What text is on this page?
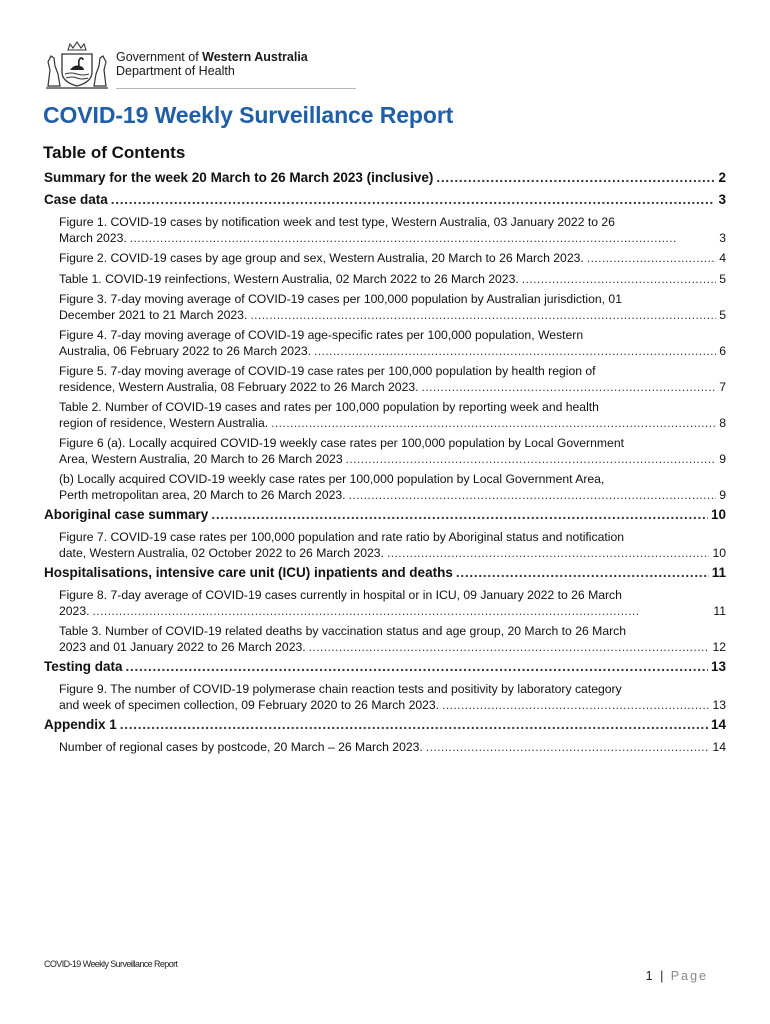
Government of Western Australia
Department of Health
COVID-19 Weekly Surveillance Report
Table of Contents
Summary for the week 20 March to 26 March 2023 (inclusive) . . .	2
Case data . . .	3
Figure 1. COVID-19 cases by notification week and test type, Western Australia, 03 January 2022 to 26
March 2023. . . .	3
Figure 2. COVID-19 cases by age group and sex, Western Australia, 20 March to 26 March 2023. . . .	4
Table 1. COVID-19 reinfections, Western Australia, 02 March 2022 to 26 March 2023. . . .	5
Figure 3. 7-day moving average of COVID-19 cases per 100,000 population by Australian jurisdiction, 01
December 2021 to 21 March 2023. . . .	5
Figure 4. 7-day moving average of COVID-19 age-specific rates per 100,000 population, Western
Australia, 06 February 2022 to 26 March 2023. . . .	6
Figure 5. 7-day moving average of COVID-19 case rates per 100,000 population by health region of
residence, Western Australia, 08 February 2022 to 26 March 2023. . . .	7
Table 2. Number of COVID-19 cases and rates per 100,000 population by reporting week and health
region of residence, Western Australia. . . .	8
Figure 6 (a). Locally acquired COVID-19 weekly case rates per 100,000 population by Local Government
Area, Western Australia, 20 March to 26 March 2023 . . .	9
(b) Locally acquired COVID-19 weekly case rates per 100,000 population by Local Government Area,
Perth metropolitan area, 20 March to 26 March 2023. . . .	9
Aboriginal case summary . . .	10
Figure 7. COVID-19 case rates per 100,000 population and rate ratio by Aboriginal status and notification
date, Western Australia, 02 October 2022 to 26 March 2023. . . .	10
Hospitalisations, intensive care unit (ICU) inpatients and deaths . . .	11
Figure 8. 7-day average of COVID-19 cases currently in hospital or in ICU, 09 January 2022 to 26 March
2023. . . .	11
Table 3. Number of COVID-19 related deaths by vaccination status and age group, 20 March to 26 March
2023 and 01 January 2022 to 26 March 2023. . . .	12
Testing data . . .	13
Figure 9. The number of COVID-19 polymerase chain reaction tests and positivity by laboratory category
and week of specimen collection, 09 February 2020 to 26 March 2023. . . .	13
Appendix 1 . . .	14
Number of regional cases by postcode, 20 March – 26 March 2023. . . .	14
COVID-19 Weekly Surveillance Report
1 | Page
